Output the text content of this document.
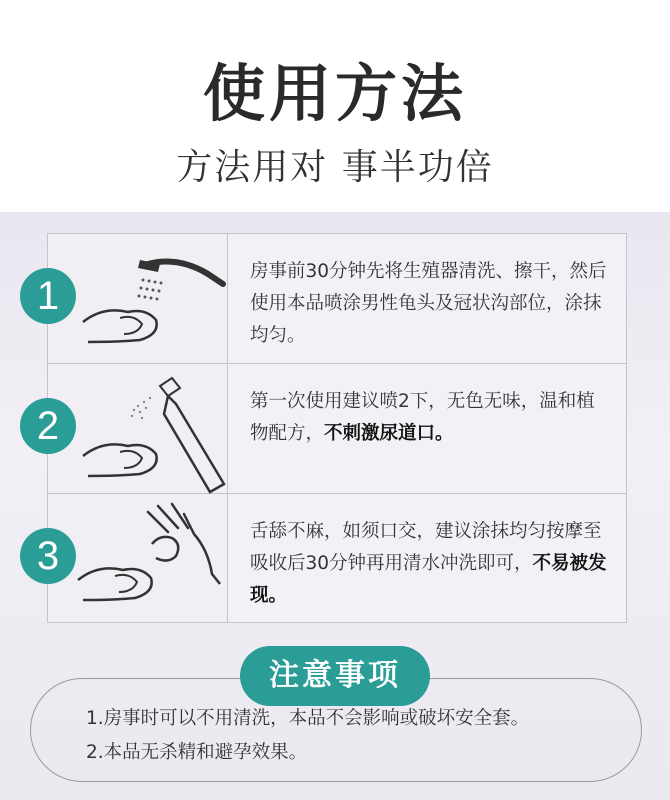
使用方法
方法用对 事半功倍
1
房事前30分钟先将生殖器清洗、擦干，然后使用本品喷涂男性龟头及冠状沟部位，涂抹均匀。
2
第一次使用建议喷2下，无色无味，温和植物配方，不刺激尿道口。
3
舌舔不麻，如须口交，建议涂抹均匀按摩至吸收后30分钟再用清水冲洗即可，不易被发现。
注意事项
1.房事时可以不用清洗，本品不会影响或破坏安全套。
2.本品无杀精和避孕效果。
